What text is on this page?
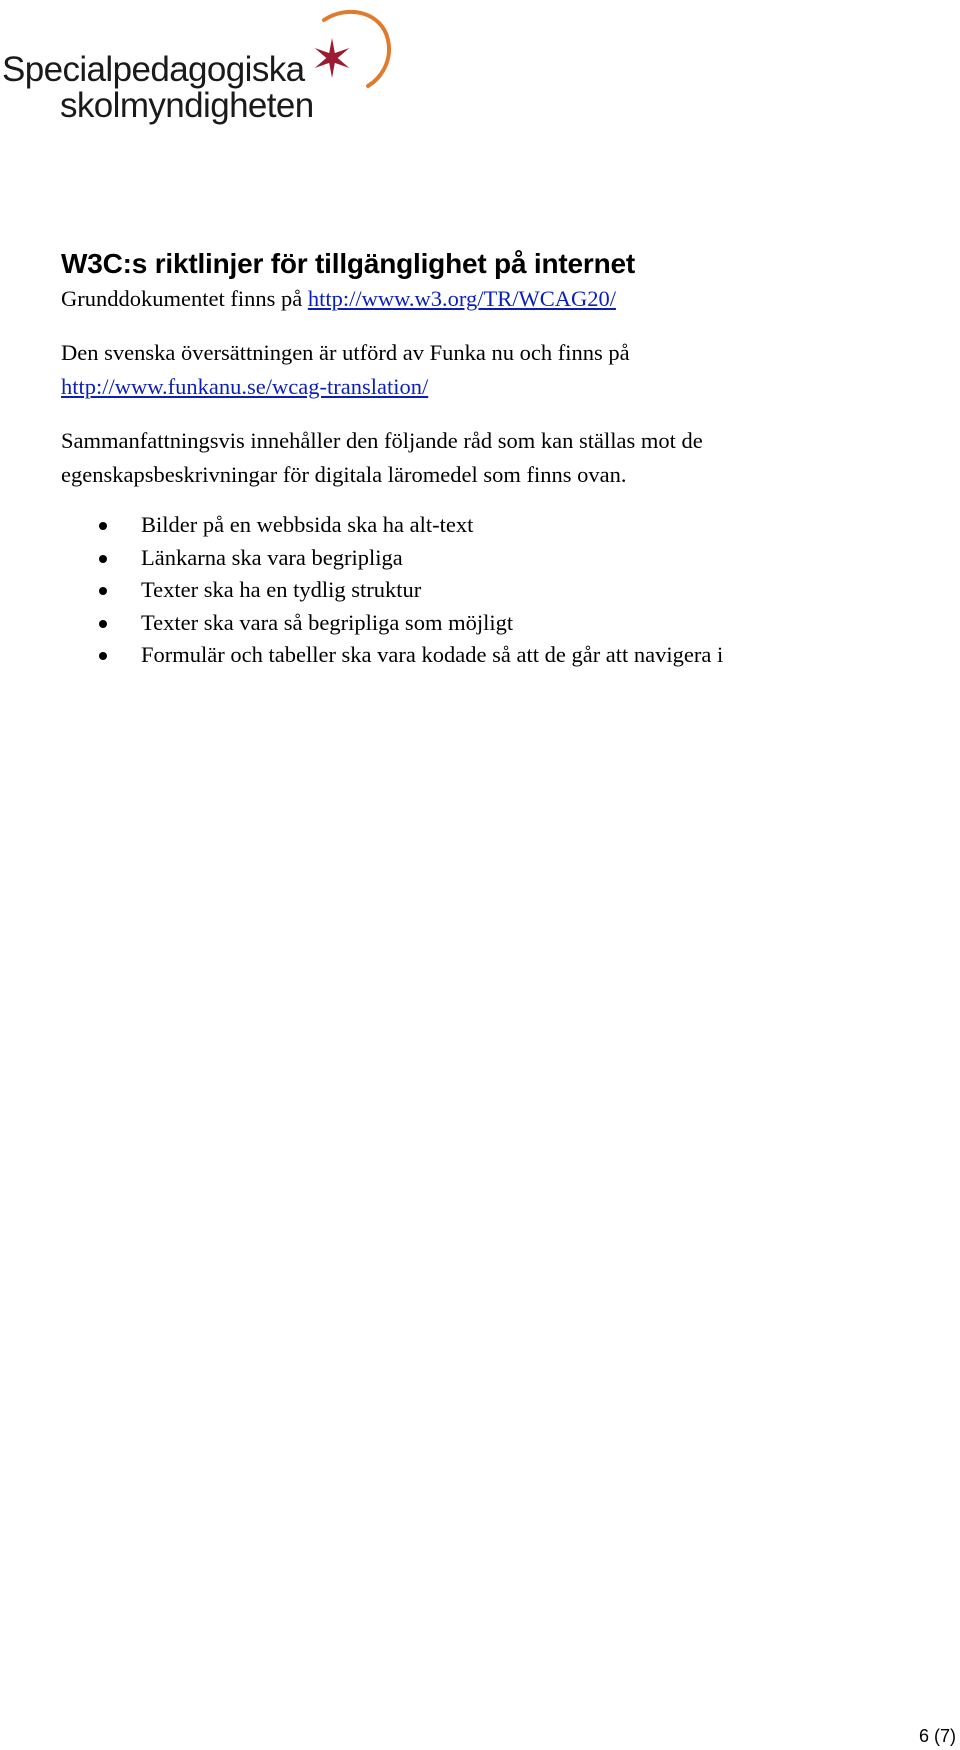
Specialpedagogiska
skolmyndigheten
W3C:s riktlinjer för tillgänglighet på internet

Grunddokumentet finns på http://www.w3.org/TR/WCAG20/

Den svenska översättningen är utförd av Funka nu och finns på

http://www.funkanu.se/wcag-translation/

Sammanfattningsvis innehåller den följande råd som kan ställas mot de egenskapsbeskrivningar för digitala läromedel som finns ovan.

Bilder på en webbsida ska ha alt-text
Länkarna ska vara begripliga
Texter ska ha en tydlig struktur
Texter ska vara så begripliga som möjligt
Formulär och tabeller ska vara kodade så att de går att navigera i
6 (7)
